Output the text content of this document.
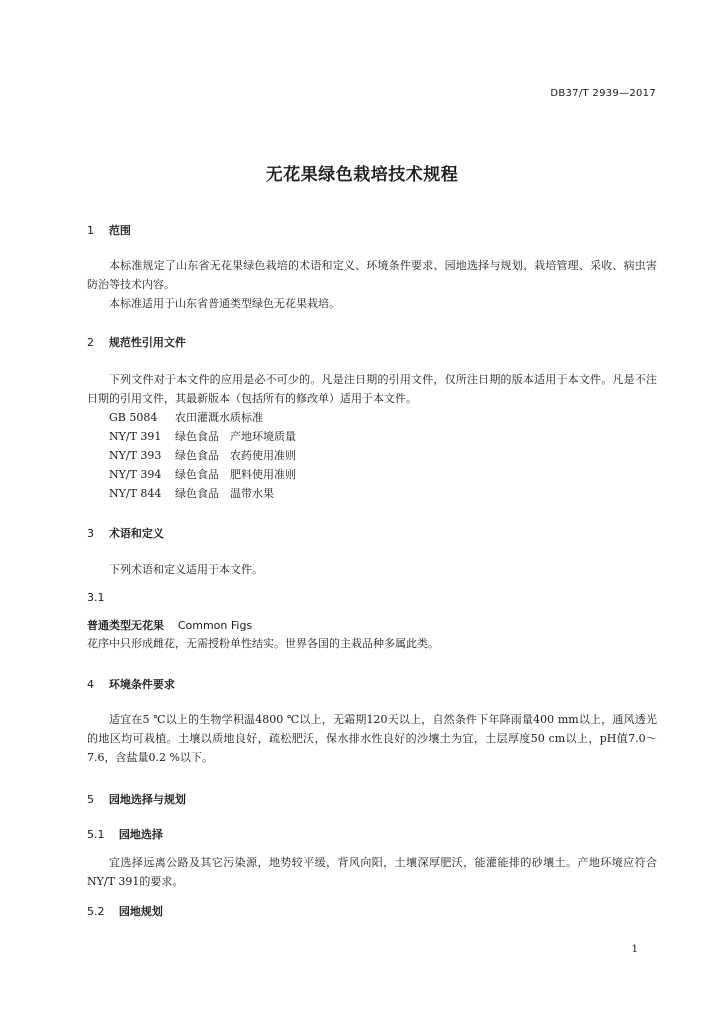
DB37/T 2939—2017
无花果绿色栽培技术规程
1 范围
本标准规定了山东省无花果绿色栽培的术语和定义、环境条件要求、园地选择与规划、栽培管理、采收、病虫害防治等技术内容。
本标准适用于山东省普通类型绿色无花果栽培。
2 规范性引用文件
下列文件对于本文件的应用是必不可少的。凡是注日期的引用文件，仅所注日期的版本适用于本文件。凡是不注日期的引用文件，其最新版本（包括所有的修改单）适用于本文件。
GB 5084 农田灌溉水质标准
NY/T 391 绿色食品　产地环境质量
NY/T 393 绿色食品　农药使用准则
NY/T 394 绿色食品　肥料使用准则
NY/T 844 绿色食品　温带水果
3 术语和定义
下列术语和定义适用于本文件。
3.1
普通类型无花果 Common Figs
花序中只形成雌花，无需授粉单性结实。世界各国的主栽品种多属此类。
4 环境条件要求
适宜在5 ℃以上的生物学积温4800 ℃以上，无霜期120天以上，自然条件下年降雨量400 mm以上，通风透光的地区均可栽植。土壤以质地良好，疏松肥沃，保水排水性良好的沙壤土为宜，土层厚度50 cm以上，pH值7.0～7.6，含盐量0.2 %以下。
5 园地选择与规划
5.1 园地选择
宜选择远离公路及其它污染源，地势较平缓，背风向阳，土壤深厚肥沃，能灌能排的砂壤土。产地环境应符合NY/T 391的要求。
5.2 园地规划
1
